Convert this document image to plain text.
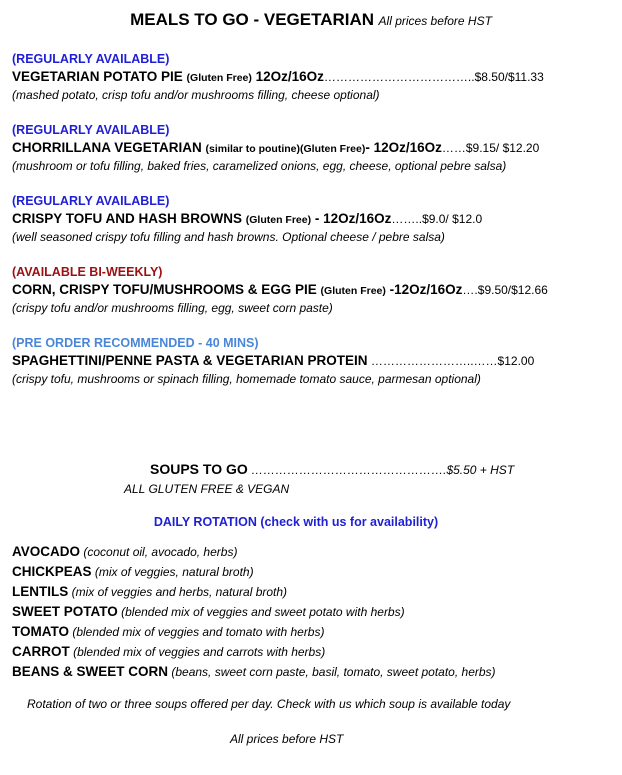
MEALS TO GO - VEGETARIAN All prices before HST
(REGULARLY AVAILABLE)
VEGETARIAN POTATO PIE (Gluten Free) 12Oz/16Oz………………………………..$8.50/$11.33
(mashed potato, crisp tofu and/or mushrooms filling, cheese optional)
(REGULARLY AVAILABLE)
CHORRILLANA VEGETARIAN (similar to poutine)(Gluten Free)- 12Oz/16Oz……$9.15/ $12.20
(mushroom or tofu filling, baked fries, caramelized onions, egg, cheese, optional pebre salsa)
(REGULARLY AVAILABLE)
CRISPY TOFU AND HASH BROWNS (Gluten Free) - 12Oz/16Oz……..$9.0/ $12.0
(well seasoned crispy tofu filling and hash browns. Optional cheese / pebre salsa)
(AVAILABLE BI-WEEKLY)
CORN, CRISPY TOFU/MUSHROOMS & EGG PIE (Gluten Free) -12Oz/16Oz….$9.50/$12.66
(crispy tofu and/or mushrooms filling, egg, sweet corn paste)
(PRE ORDER RECOMMENDED - 40 MINS)
SPAGHETTINI/PENNE PASTA & VEGETARIAN PROTEIN ……………………..……$12.00
(crispy tofu, mushrooms or spinach filling, homemade tomato sauce, parmesan optional)
SOUPS TO GO ………………………………………….$5.50 + HST
ALL GLUTEN FREE & VEGAN
DAILY ROTATION (check with us for availability)
AVOCADO (coconut oil, avocado, herbs)
CHICKPEAS (mix of veggies, natural broth)
LENTILS (mix of veggies and herbs, natural broth)
SWEET POTATO (blended mix of veggies and sweet potato with herbs)
TOMATO (blended mix of veggies and tomato with herbs)
CARROT (blended mix of veggies and carrots with herbs)
BEANS & SWEET CORN (beans, sweet corn paste, basil, tomato, sweet potato, herbs)
Rotation of two or three soups offered per day. Check with us which soup is available today
All prices before HST
